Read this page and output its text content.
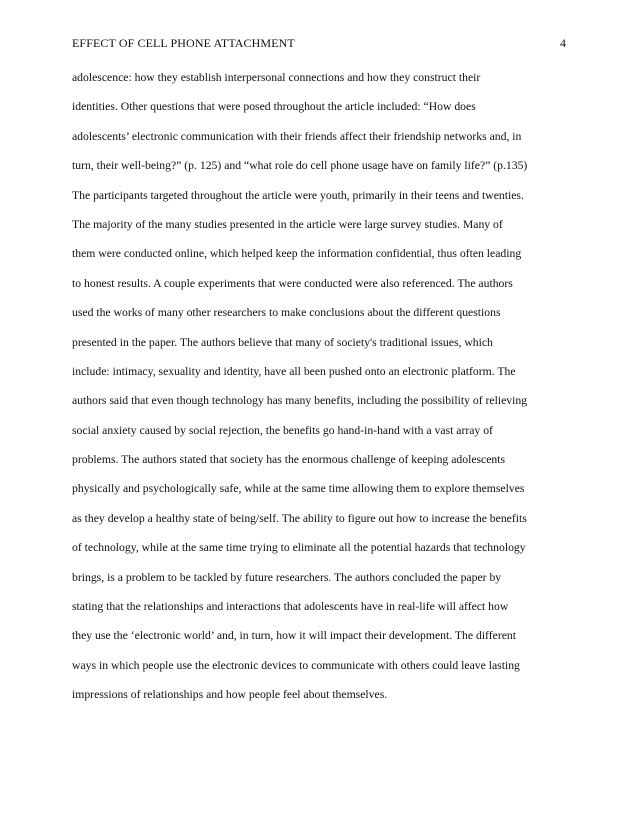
EFFECT OF CELL PHONE ATTACHMENT	4
adolescence: how they establish interpersonal connections and how they construct their
identities. Other questions that were posed throughout the article included: “How does
adolescents’ electronic communication with their friends affect their friendship networks and, in
turn, their well-being?” (p. 125) and “what role do cell phone usage have on family life?” (p.135)
The participants targeted throughout the article were youth, primarily in their teens and twenties.
The majority of the many studies presented in the article were large survey studies. Many of
them were conducted online, which helped keep the information confidential, thus often leading
to honest results. A couple experiments that were conducted were also referenced. The authors
used the works of many other researchers to make conclusions about the different questions
presented in the paper. The authors believe that many of society's traditional issues, which
include: intimacy, sexuality and identity, have all been pushed onto an electronic platform. The
authors said that even though technology has many benefits, including the possibility of relieving
social anxiety caused by social rejection, the benefits go hand-in-hand with a vast array of
problems. The authors stated that society has the enormous challenge of keeping adolescents
physically and psychologically safe, while at the same time allowing them to explore themselves
as they develop a healthy state of being/self. The ability to figure out how to increase the benefits
of technology, while at the same time trying to eliminate all the potential hazards that technology
brings, is a problem to be tackled by future researchers. The authors concluded the paper by
stating that the relationships and interactions that adolescents have in real-life will affect how
they use the ‘electronic world’ and, in turn, how it will impact their development. The different
ways in which people use the electronic devices to communicate with others could leave lasting
impressions of relationships and how people feel about themselves.
